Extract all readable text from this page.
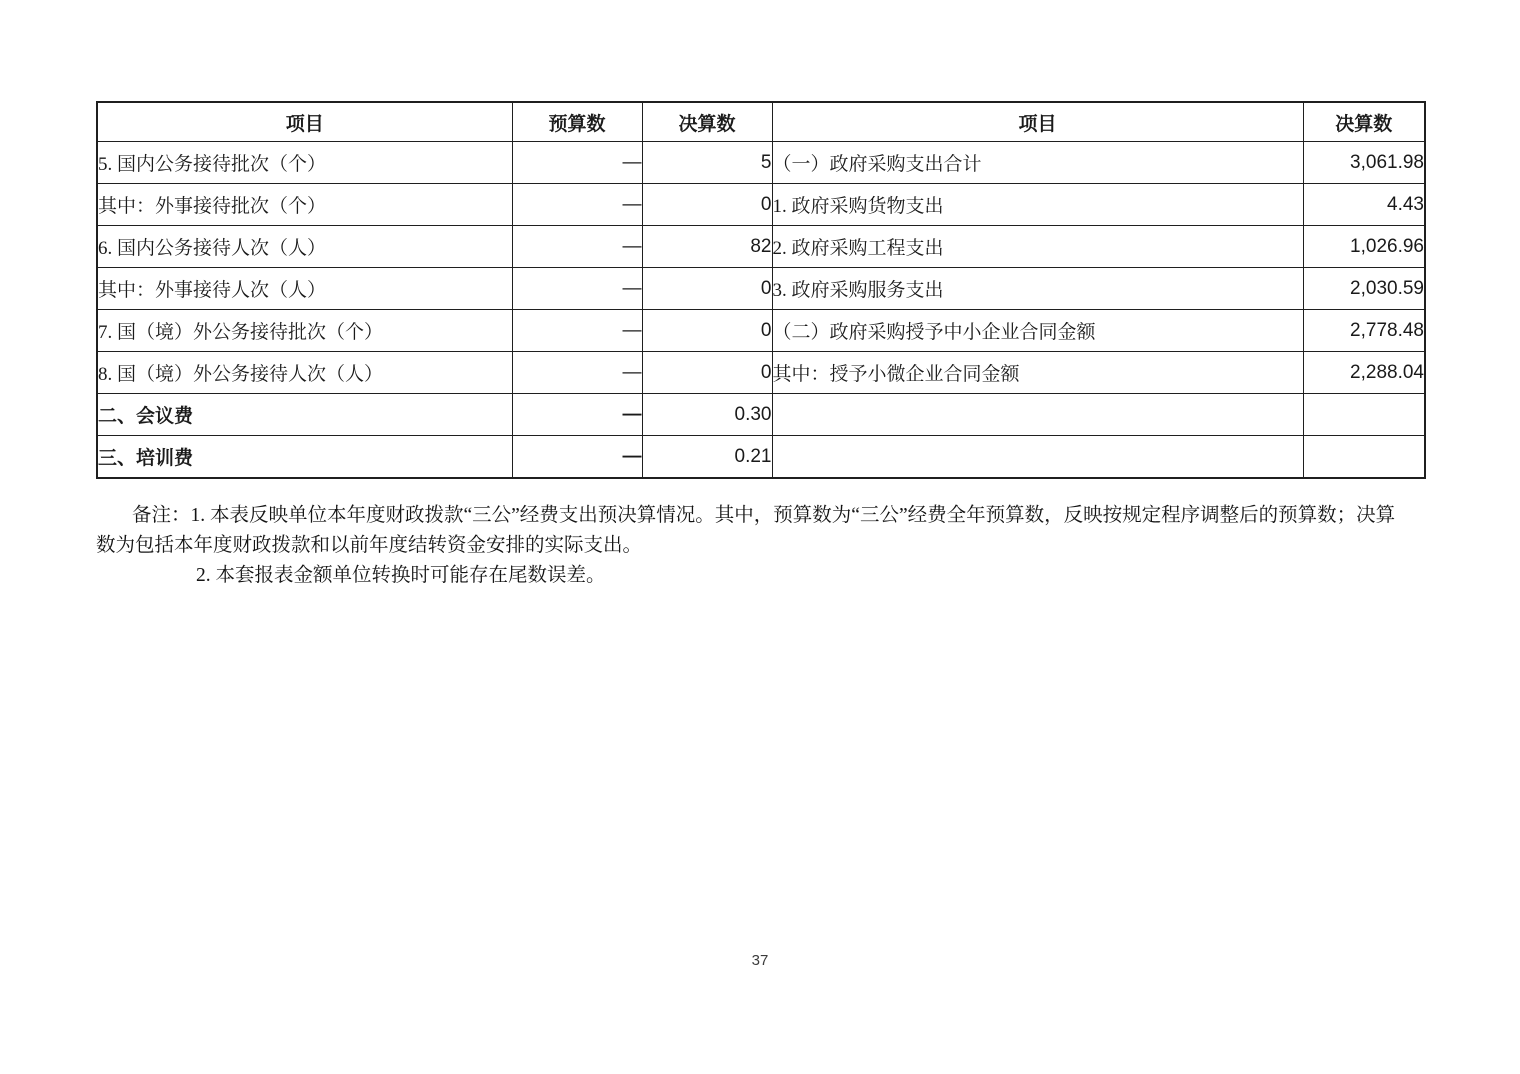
项目	预算数	决算数	项目	决算数
5. 国内公务接待批次（个）	—	5	（一）政府采购支出合计	3,061.98
其中：外事接待批次（个）	—	0	1. 政府采购货物支出	4.43
6. 国内公务接待人次（人）	—	82	2. 政府采购工程支出	1,026.96
其中：外事接待人次（人）	—	0	3. 政府采购服务支出	2,030.59
7. 国（境）外公务接待批次（个）	—	0	（二）政府采购授予中小企业合同金额	2,778.48
8. 国（境）外公务接待人次（人）	—	0	其中：授予小微企业合同金额	2,288.04
二、会议费	—	0.30		
三、培训费	—	0.21		
备注：1. 本表反映单位本年度财政拨款“三公”经费支出预决算情况。其中，预算数为“三公”经费全年预算数，反映按规定程序调整后的预算数；决算
数为包括本年度财政拨款和以前年度结转资金安排的实际支出。
2. 本套报表金额单位转换时可能存在尾数误差。
37
